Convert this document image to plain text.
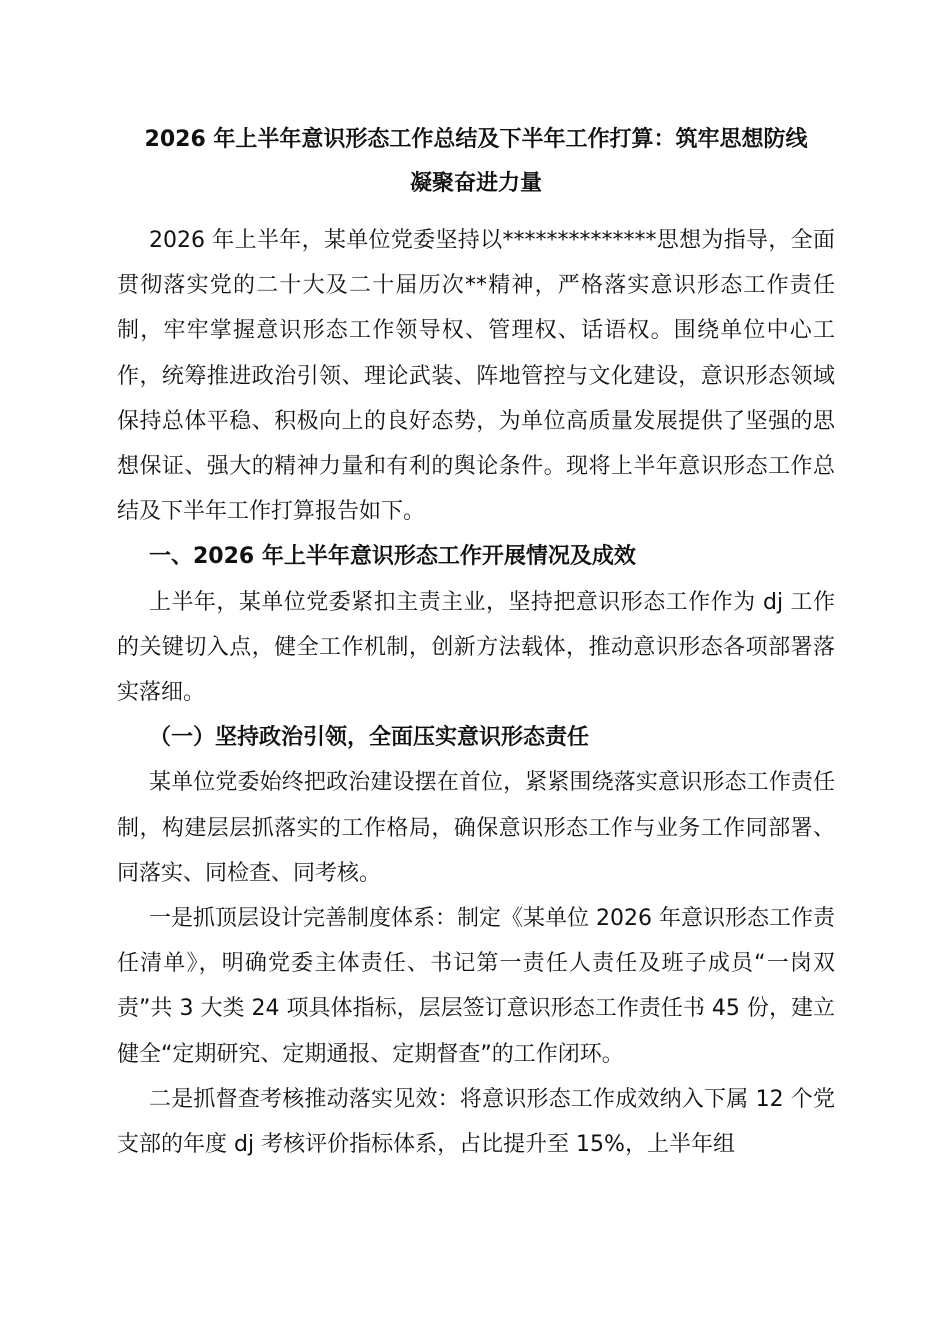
2026 年上半年意识形态工作总结及下半年工作打算：筑牢思想防线
凝聚奋进力量

2026 年上半年，某单位党委坚持以**************思想为指导，全面贯彻落实党的二十大及二十届历次**精神，严格落实意识形态工作责任制，牢牢掌握意识形态工作领导权、管理权、话语权。围绕单位中心工作，统筹推进政治引领、理论武装、阵地管控与文化建设，意识形态领域保持总体平稳、积极向上的良好态势，为单位高质量发展提供了坚强的思想保证、强大的精神力量和有利的舆论条件。现将上半年意识形态工作总结及下半年工作打算报告如下。

一、2026 年上半年意识形态工作开展情况及成效

上半年，某单位党委紧扣主责主业，坚持把意识形态工作作为 dj 工作的关键切入点，健全工作机制，创新方法载体，推动意识形态各项部署落实落细。

（一）坚持政治引领，全面压实意识形态责任

某单位党委始终把政治建设摆在首位，紧紧围绕落实意识形态工作责任制，构建层层抓落实的工作格局，确保意识形态工作与业务工作同部署、同落实、同检查、同考核。

一是抓顶层设计完善制度体系：制定《某单位 2026 年意识形态工作责任清单》，明确党委主体责任、书记第一责任人责任及班子成员“一岗双责”共 3 大类 24 项具体指标，层层签订意识形态工作责任书 45 份，建立健全“定期研究、定期通报、定期督查”的工作闭环。

二是抓督查考核推动落实见效：将意识形态工作成效纳入下属 12 个党支部的年度 dj 考核评价指标体系，占比提升至 15%，上半年组
